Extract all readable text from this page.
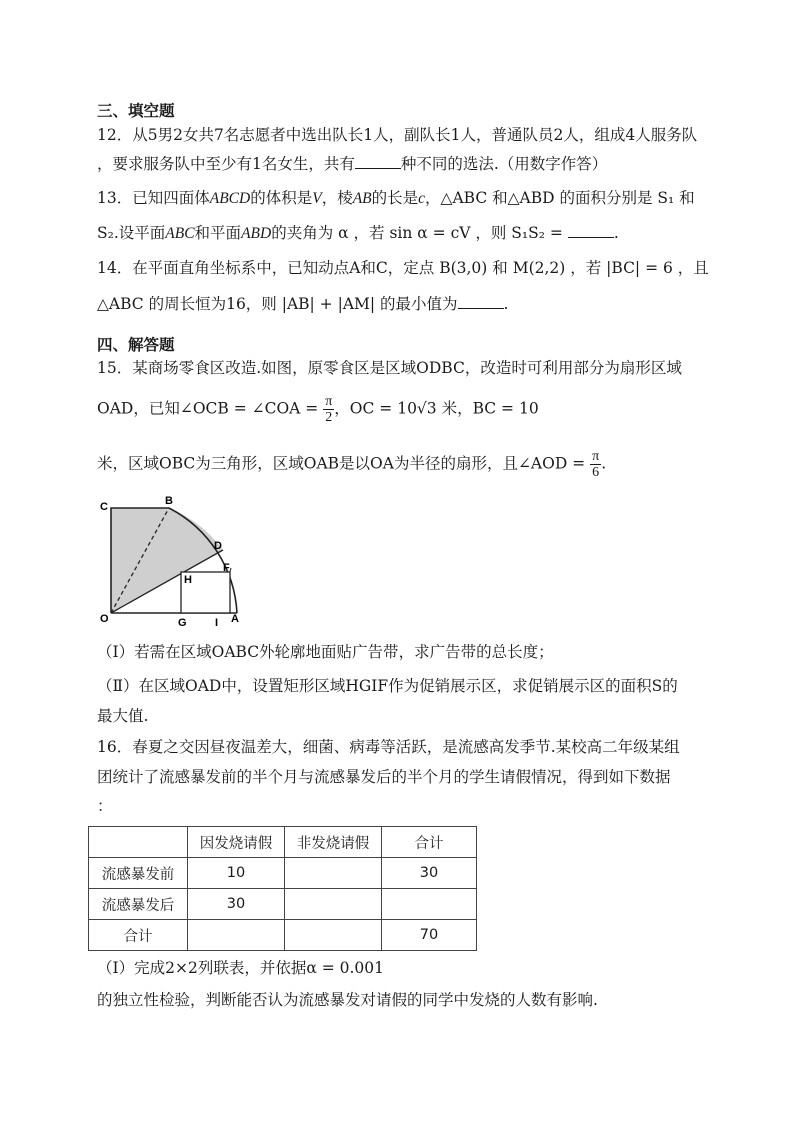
三、填空题
12．从5男2女共7名志愿者中选出队长1人，副队长1人，普通队员2人，组成4人服务队
，要求服务队中至少有1名女生，共有	种不同的选法.（用数字作答）
13．已知四面体ABCD的体积是V，棱AB的长是c，△ABC 和△ABD 的面积分别是 S₁ 和
S₂.设平面ABC和平面ABD的夹角为 α ，若 sin α = cV ，则 S₁S₂ =	.
14．在平面直角坐标系中，已知动点A和C，定点 B(3,0) 和 M(2,2) ，若 |BC| = 6 ，且
△ABC 的周长恒为16，则 |AB| + |AM| 的最小值为	.
四、解答题
15．某商场零食区改造.如图，原零食区是区域ODBC，改造时可利用部分为扇形区域
OAD，已知∠OCB = ∠COA = $\frac{\pi}{2}$ ，OC = 10√3 米，BC = 10
米，区域OBC为三角形，区域OAB是以OA为半径的扇形，且∠AOD = $\frac{\pi}{6}$ .
C	B
D
F
H
O	G	I A
（Ⅰ）若需在区域OABC外轮廓地面贴广告带，求广告带的总长度；
（Ⅱ）在区域OAD中，设置矩形区域HGIF作为促销展示区，求促销展示区的面积S的
最大值.
16．春夏之交因昼夜温差大，细菌、病毒等活跃，是流感高发季节.某校高二年级某组
团统计了流感暴发前的半个月与流感暴发后的半个月的学生请假情况，得到如下数据
：
	因发烧请假	非发烧请假	合计
流感暴发前	10		30
流感暴发后	30		
合计			70
（Ⅰ）完成2×2列联表，并依据α = 0.001
的独立性检验，判断能否认为流感暴发对请假的同学中发烧的人数有影响.
